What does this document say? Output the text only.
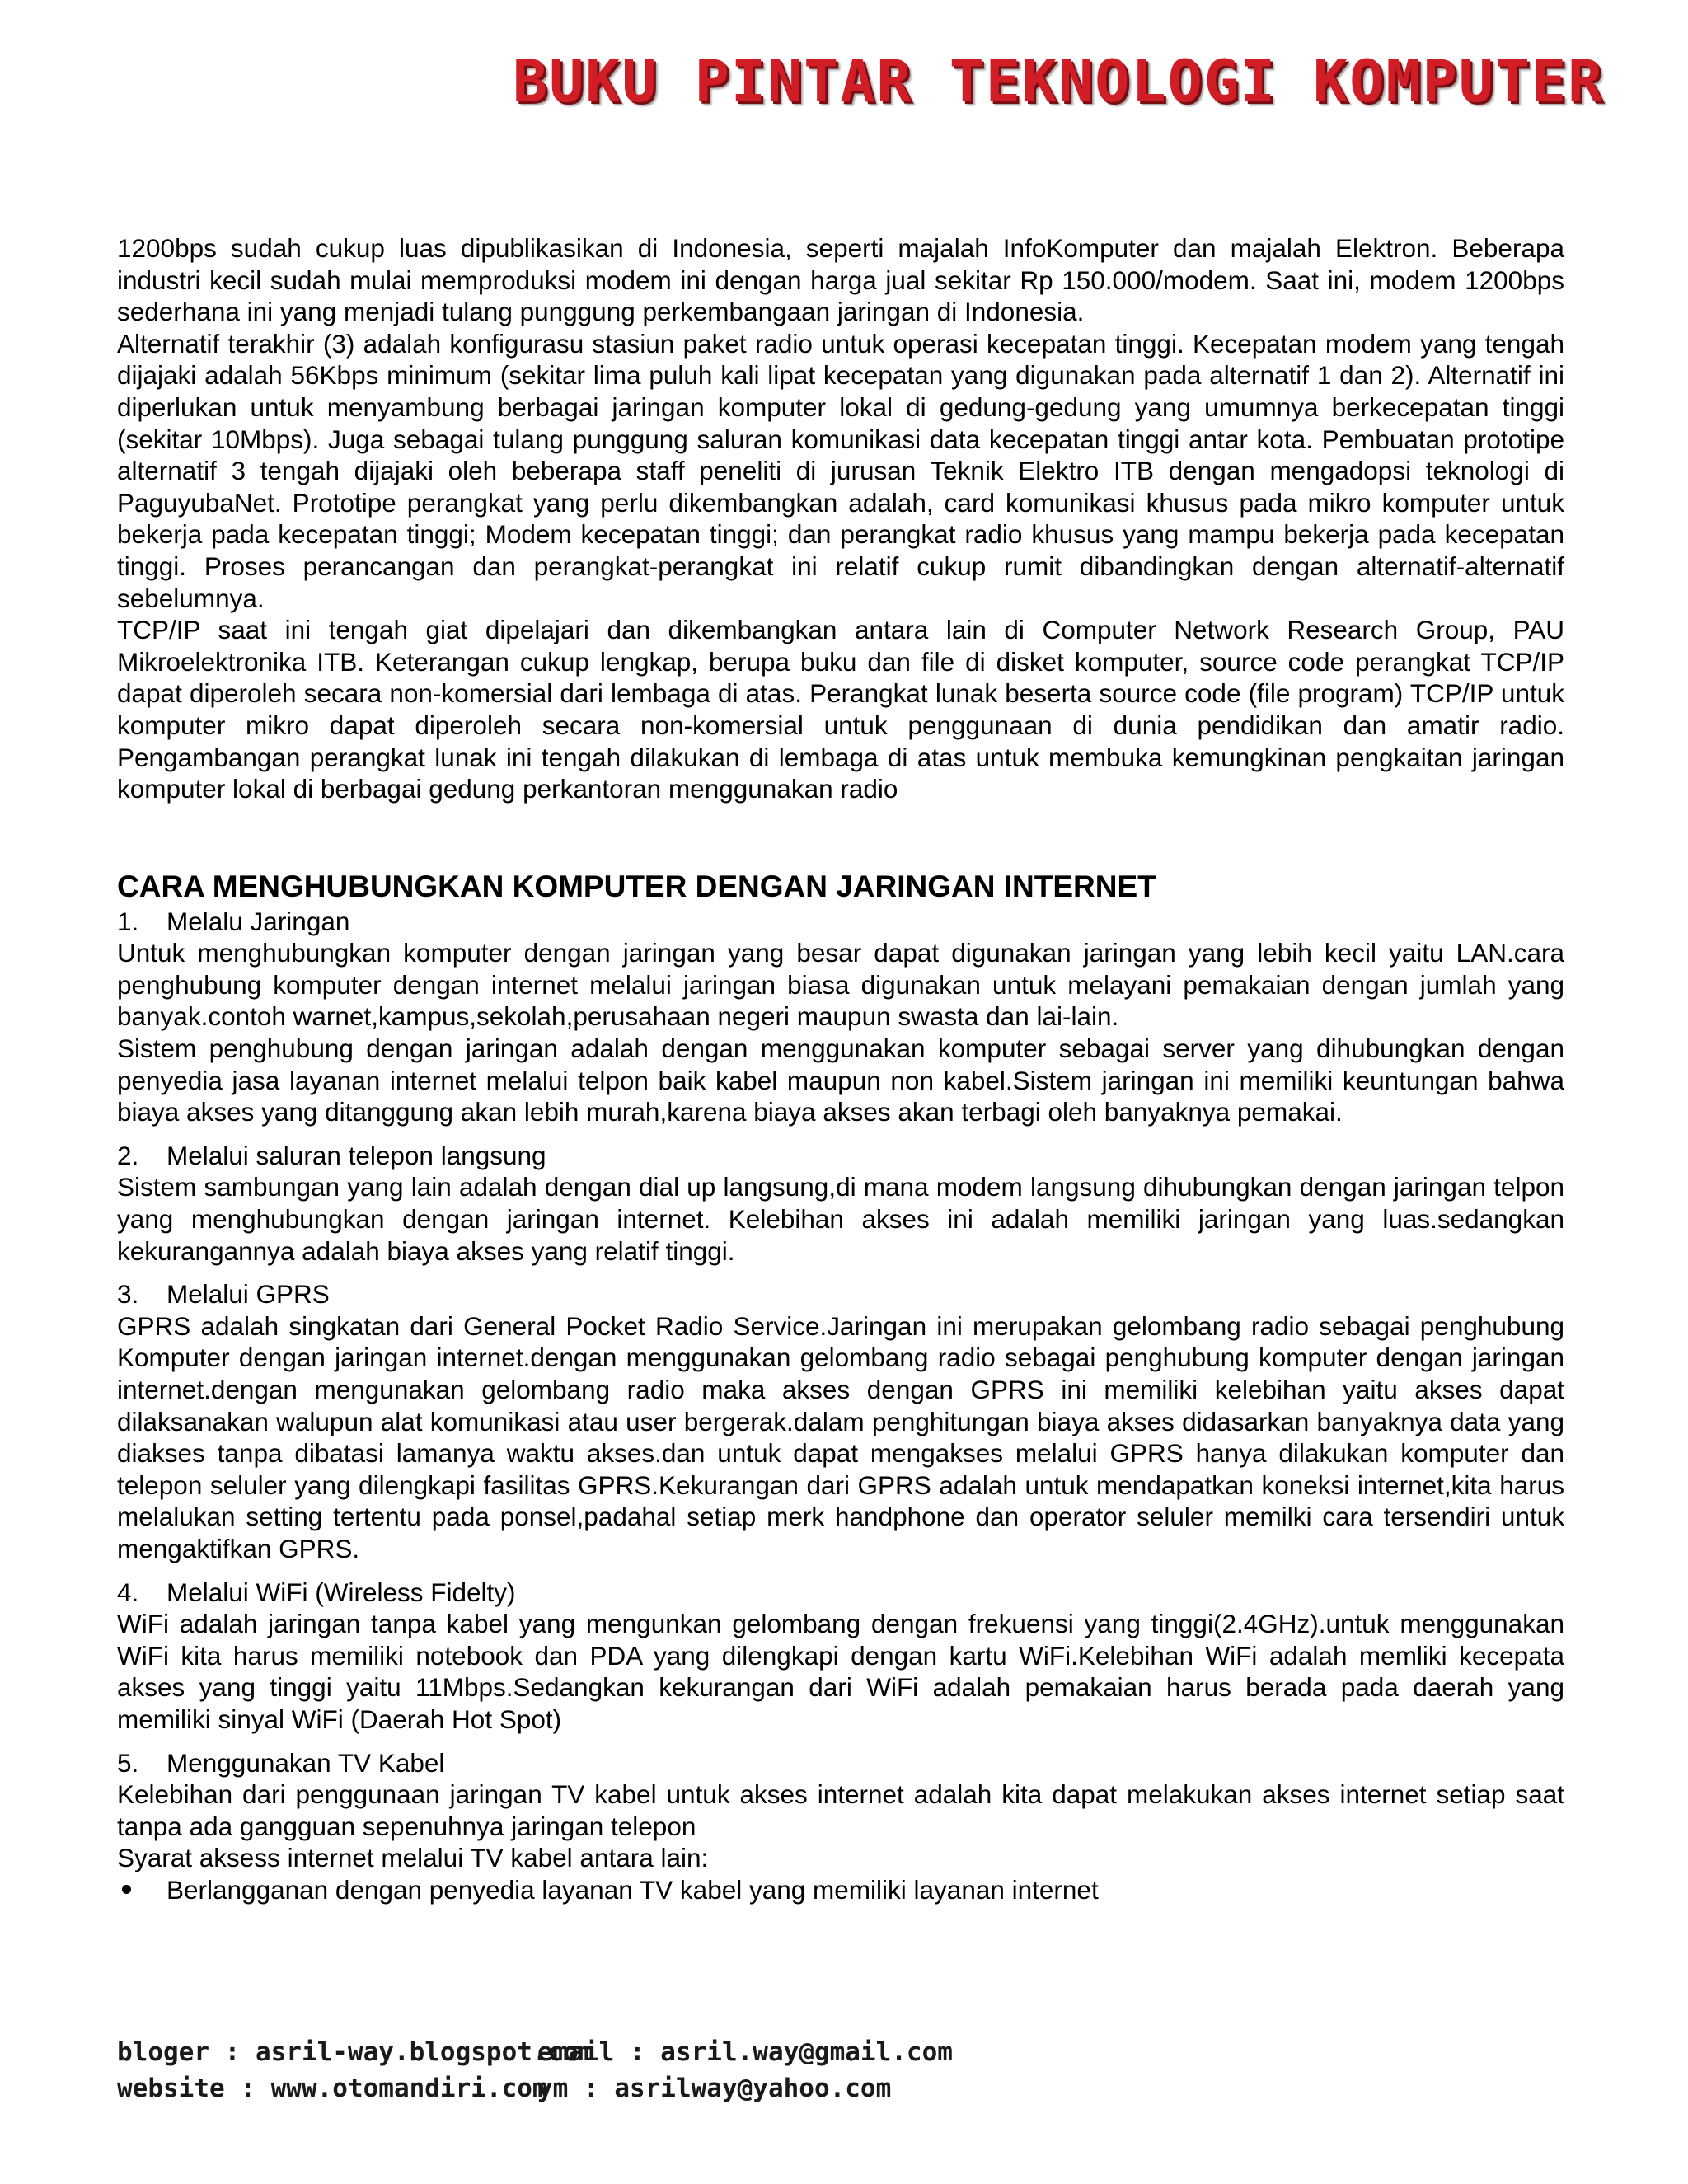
BUKU PINTAR TEKNOLOGI KOMPUTER

1200bps sudah cukup luas dipublikasikan di Indonesia, seperti majalah InfoKomputer dan majalah Elektron. Beberapa industri kecil sudah mulai memproduksi modem ini dengan harga jual sekitar Rp 150.000/modem. Saat ini, modem 1200bps sederhana ini yang menjadi tulang punggung perkembangaan jaringan di Indonesia.

Alternatif terakhir (3) adalah konfigurasu stasiun paket radio untuk operasi kecepatan tinggi. Kecepatan modem yang tengah dijajaki adalah 56Kbps minimum (sekitar lima puluh kali lipat kecepatan yang digunakan pada alternatif 1 dan 2). Alternatif ini diperlukan untuk menyambung berbagai jaringan komputer lokal di gedung-gedung yang umumnya berkecepatan tinggi (sekitar 10Mbps). Juga sebagai tulang punggung saluran komunikasi data kecepatan tinggi antar kota. Pembuatan prototipe alternatif 3 tengah dijajaki oleh beberapa staff peneliti di jurusan Teknik Elektro ITB dengan mengadopsi teknologi di PaguyubaNet. Prototipe perangkat yang perlu dikembangkan adalah, card komunikasi khusus pada mikro komputer untuk bekerja pada kecepatan tinggi; Modem kecepatan tinggi; dan perangkat radio khusus yang mampu bekerja pada kecepatan tinggi. Proses perancangan dan perangkat-perangkat ini relatif cukup rumit dibandingkan dengan alternatif-alternatif sebelumnya.

TCP/IP saat ini tengah giat dipelajari dan dikembangkan antara lain di Computer Network Research Group, PAU Mikroelektronika ITB. Keterangan cukup lengkap, berupa buku dan file di disket komputer, source code perangkat TCP/IP dapat diperoleh secara non-komersial dari lembaga di atas. Perangkat lunak beserta source code (file program) TCP/IP untuk komputer mikro dapat diperoleh secara non-komersial untuk penggunaan di dunia pendidikan dan amatir radio. Pengambangan perangkat lunak ini tengah dilakukan di lembaga di atas untuk membuka kemungkinan pengkaitan jaringan komputer lokal di berbagai gedung perkantoran menggunakan radio

CARA MENGHUBUNGKAN KOMPUTER DENGAN JARINGAN INTERNET
1.	Melalu Jaringan

Untuk menghubungkan komputer dengan jaringan yang besar dapat digunakan jaringan yang lebih kecil yaitu LAN.cara penghubung komputer dengan internet melalui jaringan biasa digunakan untuk melayani pemakaian dengan jumlah yang banyak.contoh warnet,kampus,sekolah,perusahaan negeri maupun swasta dan lai-lain.

Sistem penghubung dengan jaringan adalah dengan menggunakan komputer sebagai server yang dihubungkan dengan penyedia jasa layanan internet melalui telpon baik kabel maupun non kabel.Sistem jaringan ini memiliki keuntungan bahwa biaya akses yang ditanggung akan lebih murah,karena biaya akses akan terbagi oleh banyaknya pemakai.

2.	Melalui saluran telepon langsung

Sistem sambungan yang lain adalah dengan dial up langsung,di mana modem langsung dihubungkan dengan jaringan telpon yang menghubungkan dengan jaringan internet. Kelebihan akses ini adalah memiliki jaringan yang luas.sedangkan kekurangannya adalah biaya akses yang relatif tinggi.

3.	Melalui GPRS

GPRS adalah singkatan dari General Pocket Radio Service.Jaringan ini merupakan gelombang radio sebagai penghubung Komputer dengan jaringan internet.dengan menggunakan gelombang radio sebagai penghubung komputer dengan jaringan internet.dengan mengunakan gelombang radio maka akses dengan GPRS ini memiliki kelebihan yaitu akses dapat dilaksanakan walupun alat komunikasi atau user bergerak.dalam penghitungan biaya akses didasarkan banyaknya data yang diakses tanpa dibatasi lamanya waktu akses.dan untuk dapat mengakses melalui GPRS hanya dilakukan komputer dan telepon seluler yang dilengkapi fasilitas GPRS.Kekurangan dari GPRS adalah untuk mendapatkan koneksi internet,kita harus melalukan setting tertentu pada ponsel,padahal setiap merk handphone dan operator seluler memilki cara tersendiri untuk mengaktifkan GPRS.

4.	Melalui WiFi (Wireless Fidelty)

WiFi adalah jaringan tanpa kabel yang mengunkan gelombang dengan frekuensi yang tinggi(2.4GHz).untuk menggunakan WiFi kita harus memiliki notebook dan PDA yang dilengkapi dengan kartu WiFi.Kelebihan WiFi adalah memliki kecepata akses yang tinggi yaitu 11Mbps.Sedangkan kekurangan dari WiFi adalah pemakaian harus berada pada daerah yang memiliki sinyal WiFi (Daerah Hot Spot)

5.	Menggunakan TV Kabel

Kelebihan dari penggunaan jaringan TV kabel untuk akses internet adalah kita dapat melakukan akses internet setiap saat tanpa ada gangguan sepenuhnya jaringan telepon

Syarat aksess internet melalui TV kabel antara lain:

Berlangganan dengan penyedia layanan TV kabel yang memiliki layanan internet
bloger : asril-way.blogspot.com
website : www.otomandiri.com
email : asril.way@gmail.com
ym : asrilway@yahoo.com
